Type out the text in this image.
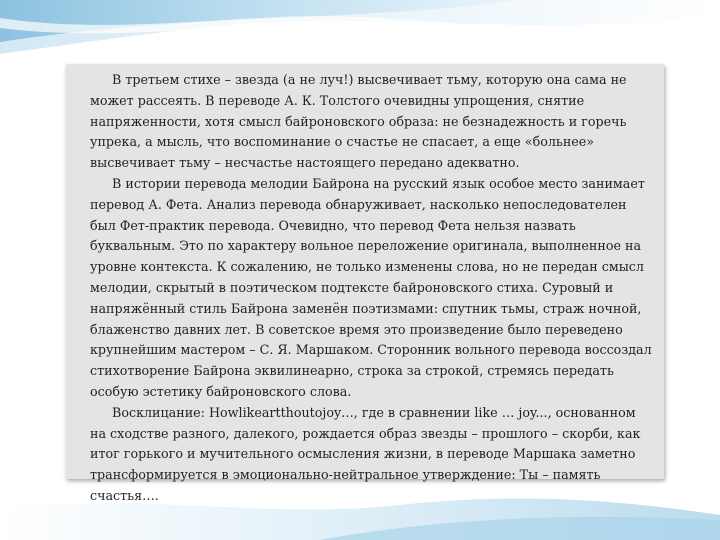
В третьем стихе – звезда (а не луч!) высвечивает тьму, которую она сама не может рассеять. В переводе А. К. Толстого очевидны упрощения, снятие напряженности, хотя смысл байроновского образа: не безнадежность и горечь упрека, а мысль, что воспоминание о счастье не спасает, а еще «больнее» высвечивает тьму – несчастье настоящего передано адекватно.

В истории перевода мелодии Байрона на русский язык особое место занимает перевод А. Фета. Анализ перевода обнаруживает, насколько непоследователен был Фет-практик перевода. Очевидно, что перевод Фета нельзя назвать буквальным. Это по характеру вольное переложение оригинала, выполненное на уровне контекста. К сожалению, не только изменены слова, но не передан смысл мелодии, скрытый в поэтическом подтексте байроновского стиха. Суровый и напряжённый стиль Байрона заменён поэтизмами: спутник тьмы, страж ночной, блаженство давних лет. В советское время это произведение было переведено крупнейшим мастером – С. Я. Маршаком. Сторонник вольного перевода воссоздал стихотворение Байрона эквилинеарно, строка за строкой, стремясь передать особую эстетику байроновского слова.

Восклицание: Howlikeartthoutojoy…, где в сравнении like … joy..., основанном на сходстве разного, далекого, рождается образ звезды – прошлого – скорби, как итог горького и мучительного осмысления жизни, в переводе Маршака заметно трансформируется в эмоционально-нейтральное утверждение: Ты – память счастья….
